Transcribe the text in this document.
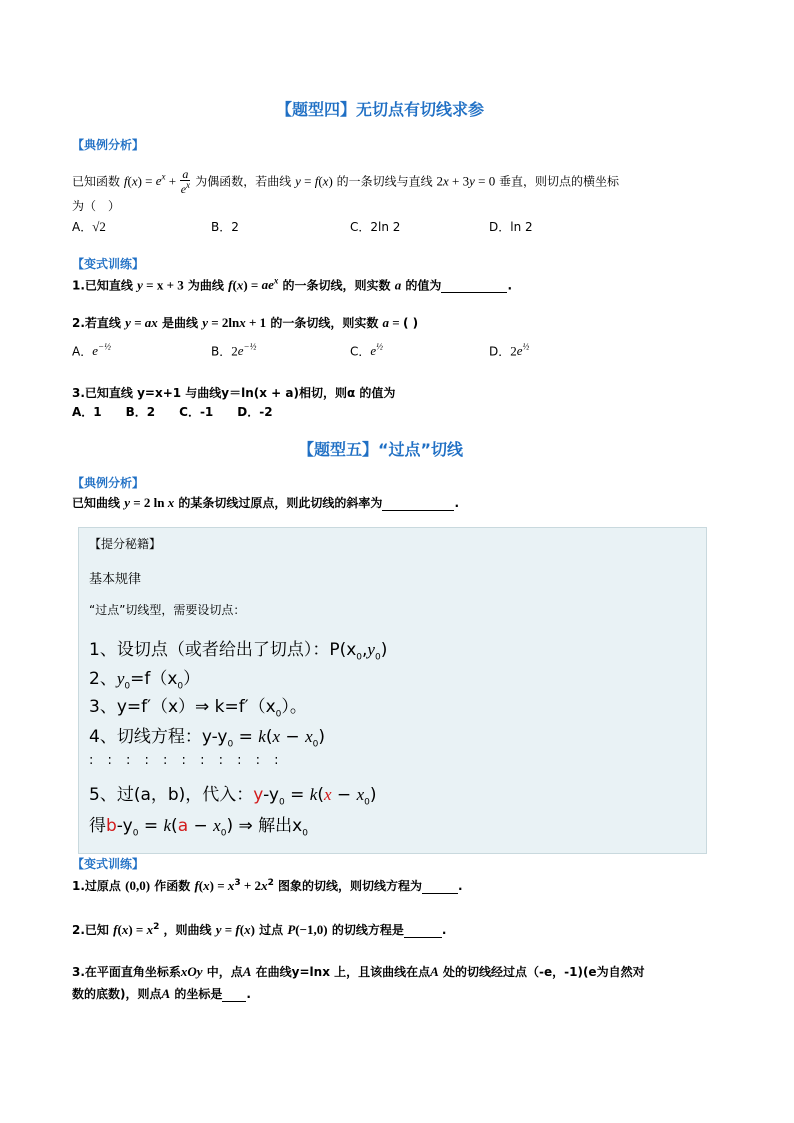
【题型四】无切点有切线求参
【典例分析】
已知函数 $f(x) = e^x + \frac{a}{e^x}$ 为偶函数，若曲线 y = f(x) 的一条切线与直线 2x + 3y = 0 垂直，则切点的横坐标
为（　）
A．√2	B．2	C．2ln 2	D．ln 2
【变式训练】
1.已知直线 y = x + 3 为曲线 $f(x) = ae^x$ 的一条切线，则实数 a 的值为	.
2.若直线 y = ax 是曲线 y = 2lnx + 1 的一条切线，则实数 a = ( )
A．$e^{-\frac{1}{2}}$	B．$2e^{-\frac{1}{2}}$	C．$e^{\frac{1}{2}}$	D．$2e^{\frac{1}{2}}$
3.已知直线 y=x+1 与曲线y＝ln(x + a)相切，则α 的值为
A．1　　B．2　　C．-1　　D．-2
【题型五】“过点”切线
【典例分析】
已知曲线 y = 2 ln x 的某条切线过原点，则此切线的斜率为	.
【提分秘籍】
基本规律
“过点”切线型，需要设切点：
1、设切点（或者给出了切点）：$P(x_0,y_0)$
2、$y_0=f(x_0)$
3、y=f′（x）⇒ $k=f'(x_0)$。
4、切线方程：$y-y_0 = k(x - x_0)$
: : : : : : : : : : :
5、过(a，b)，代入：$y-y_0 = k(x - x_0)$
得$b-y_0 = k(a - x_0)$ ⇒ 解出$x_0$
【变式训练】
1.过原点 (0,0) 作函数 $f(x) = x^3 + 2x^2$ 图象的切线，则切线方程为	.
2.已知 $f(x) = x^2$ ，则曲线 y = f(x) 过点 P(−1,0) 的切线方程是	.
3.在平面直角坐标系xOy 中，点A 在曲线y=lnx 上，且该曲线在点A 处的切线经过点（-e，-1)(e为自然对
数的底数)，则点A 的坐标是 .
